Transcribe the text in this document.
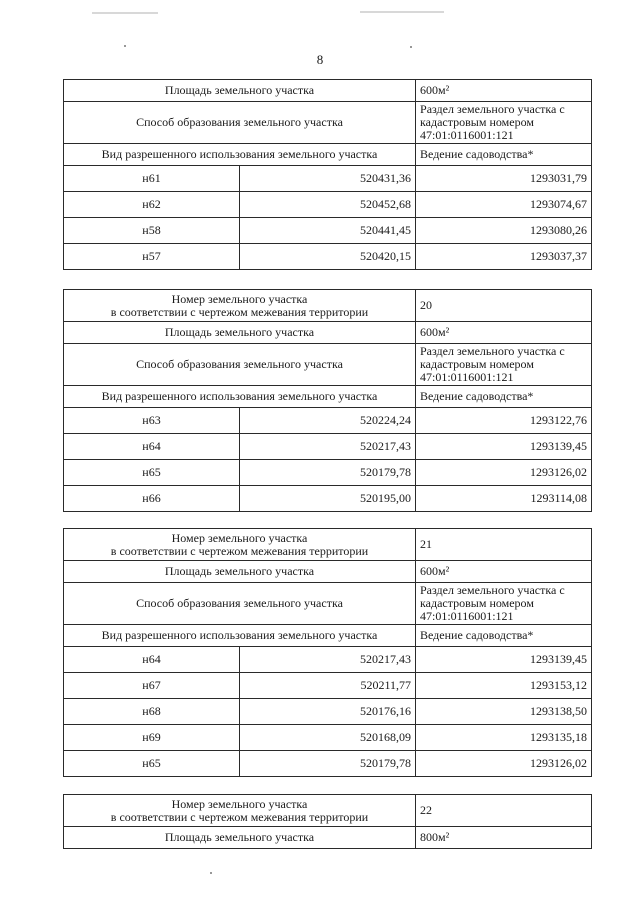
8
Площадь земельного участка		600м²
Способ образования земельного участка		Раздел земельного участка с кадастровым номером 47:01:0116001:121
Вид разрешенного использования земельного участка		Ведение садоводства*
н61	520431,36	1293031,79
н62	520452,68	1293074,67
н58	520441,45	1293080,26
н57	520420,15	1293037,37
Номер земельного участка
в соответствии с чертежом межевания территории		20
Площадь земельного участка		600м²
Способ образования земельного участка		Раздел земельного участка с кадастровым номером 47:01:0116001:121
Вид разрешенного использования земельного участка		Ведение садоводства*
н63	520224,24	1293122,76
н64	520217,43	1293139,45
н65	520179,78	1293126,02
н66	520195,00	1293114,08
Номер земельного участка
в соответствии с чертежом межевания территории		21
Площадь земельного участка		600м²
Способ образования земельного участка		Раздел земельного участка с кадастровым номером 47:01:0116001:121
Вид разрешенного использования земельного участка		Ведение садоводства*
н64	520217,43	1293139,45
н67	520211,77	1293153,12
н68	520176,16	1293138,50
н69	520168,09	1293135,18
н65	520179,78	1293126,02
Номер земельного участка
в соответствии с чертежом межевания территории	22
Площадь земельного участка	800м²
